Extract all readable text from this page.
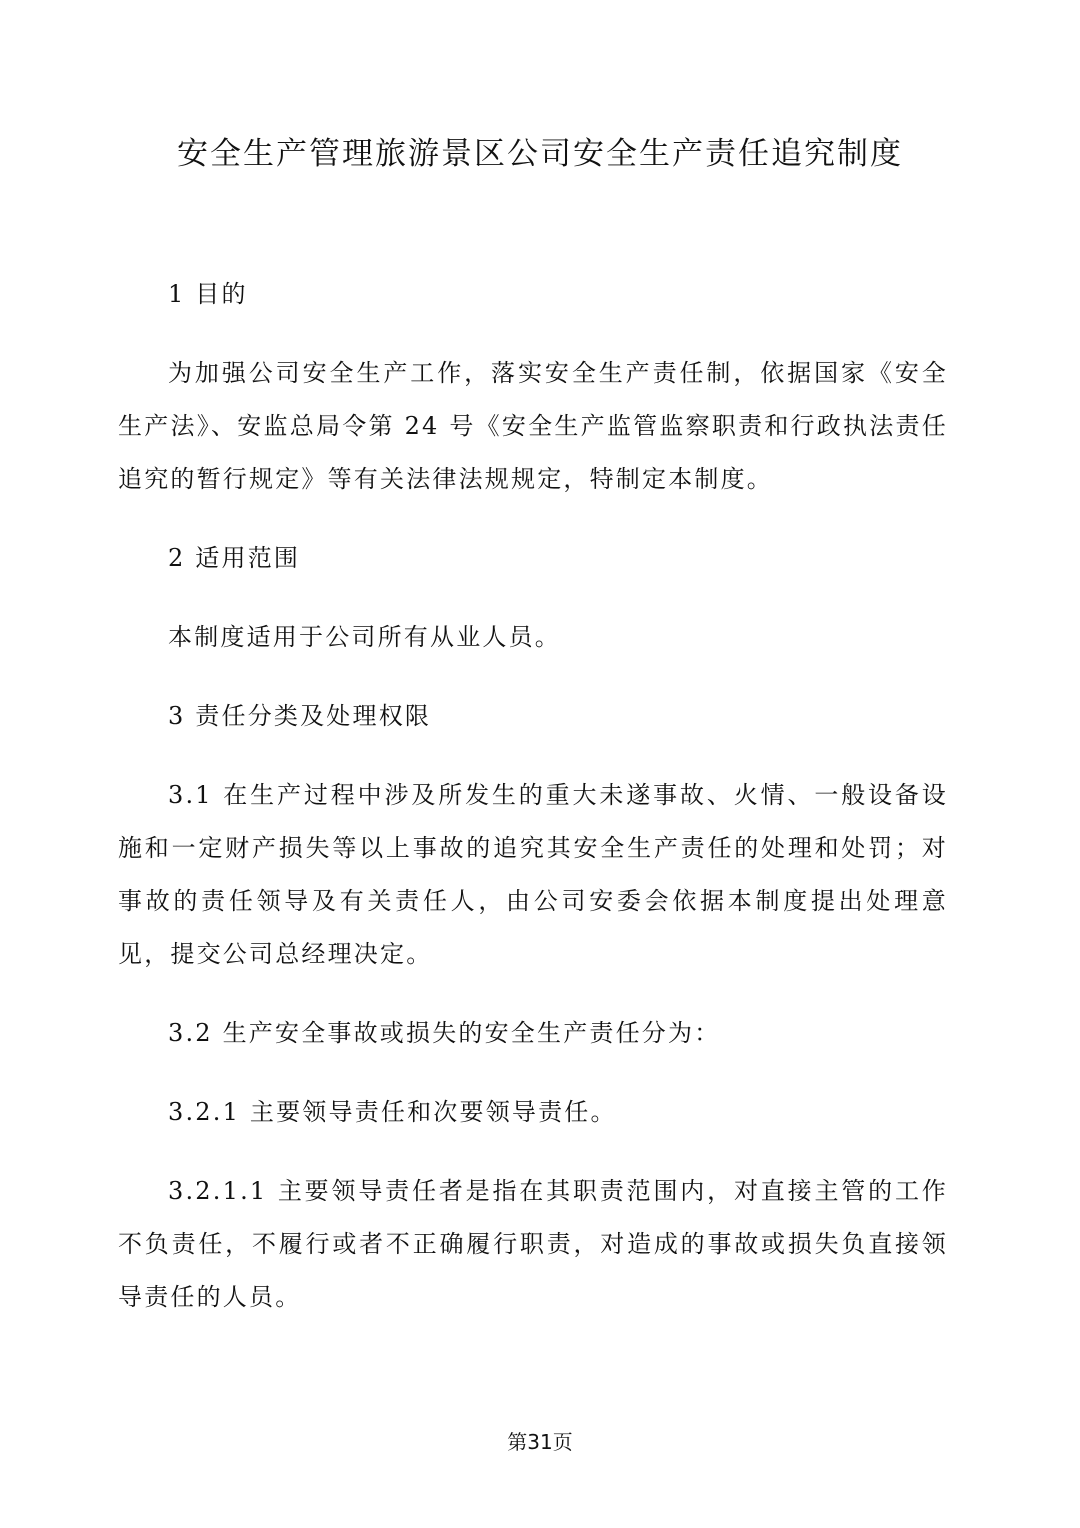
安全生产管理旅游景区公司安全生产责任追究制度

1 目的

为加强公司安全生产工作，落实安全生产责任制，依据国家《安全生产法》、安监总局令第 24 号《安全生产监管监察职责和行政执法责任追究的暂行规定》等有关法律法规规定，特制定本制度。

2 适用范围

本制度适用于公司所有从业人员。

3 责任分类及处理权限

3.1 在生产过程中涉及所发生的重大未遂事故、火情、一般设备设施和一定财产损失等以上事故的追究其安全生产责任的处理和处罚；对事故的责任领导及有关责任人，由公司安委会依据本制度提出处理意见，提交公司总经理决定。

3.2 生产安全事故或损失的安全生产责任分为：

3.2.1 主要领导责任和次要领导责任。

3.2.1.1 主要领导责任者是指在其职责范围内，对直接主管的工作不负责任，不履行或者不正确履行职责，对造成的事故或损失负直接领导责任的人员。

第31页
